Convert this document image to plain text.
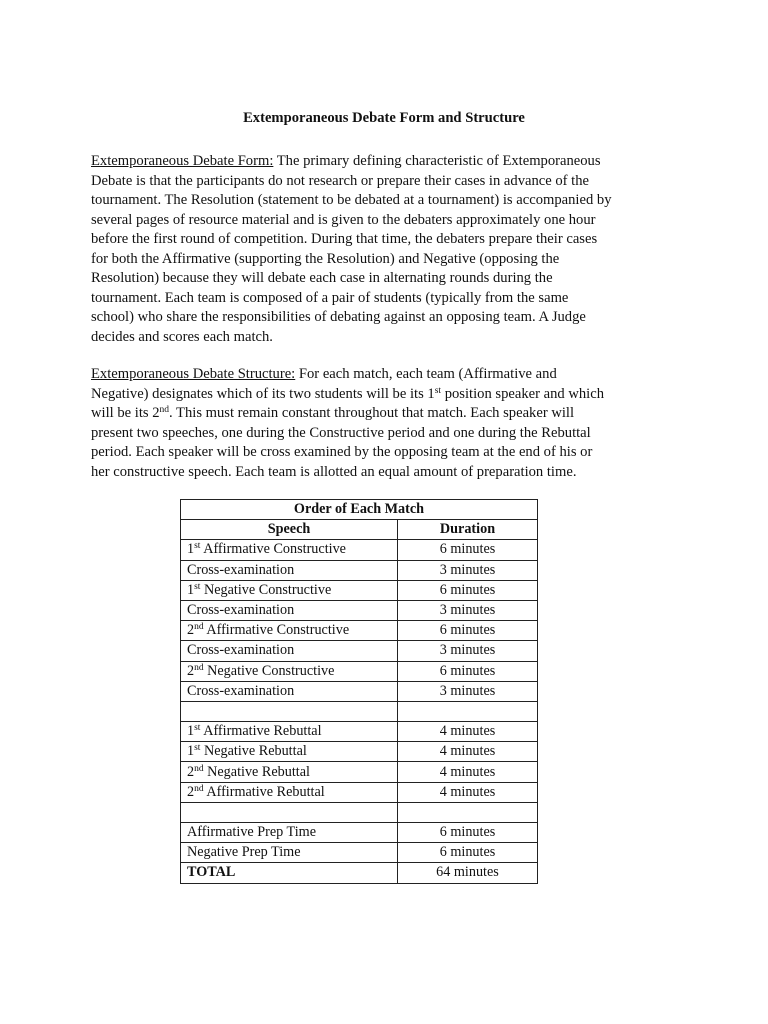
Extemporaneous Debate Form and Structure
Extemporaneous Debate Form: The primary defining characteristic of Extemporaneous
Debate is that the participants do not research or prepare their cases in advance of the
tournament. The Resolution (statement to be debated at a tournament) is accompanied by
several pages of resource material and is given to the debaters approximately one hour
before the first round of competition. During that time, the debaters prepare their cases
for both the Affirmative (supporting the Resolution) and Negative (opposing the
Resolution) because they will debate each case in alternating rounds during the
tournament. Each team is composed of a pair of students (typically from the same
school) who share the responsibilities of debating against an opposing team. A Judge
decides and scores each match.
Extemporaneous Debate Structure: For each match, each team (Affirmative and
Negative) designates which of its two students will be its 1st position speaker and which
will be its 2nd. This must remain constant throughout that match. Each speaker will
present two speeches, one during the Constructive period and one during the Rebuttal
period. Each speaker will be cross examined by the opposing team at the end of his or
her constructive speech. Each team is allotted an equal amount of preparation time.
Order of Each Match	
Speech	Duration
1st Affirmative Constructive	6 minutes
Cross-examination	3 minutes
1st Negative Constructive	6 minutes
Cross-examination	3 minutes
2nd Affirmative Constructive	6 minutes
Cross-examination	3 minutes
2nd Negative Constructive	6 minutes
Cross-examination	3 minutes

1st Affirmative Rebuttal	4 minutes
1st Negative Rebuttal	4 minutes
2nd Negative Rebuttal	4 minutes
2nd Affirmative Rebuttal	4 minutes

Affirmative Prep Time	6 minutes
Negative Prep Time	6 minutes
TOTAL	64 minutes
